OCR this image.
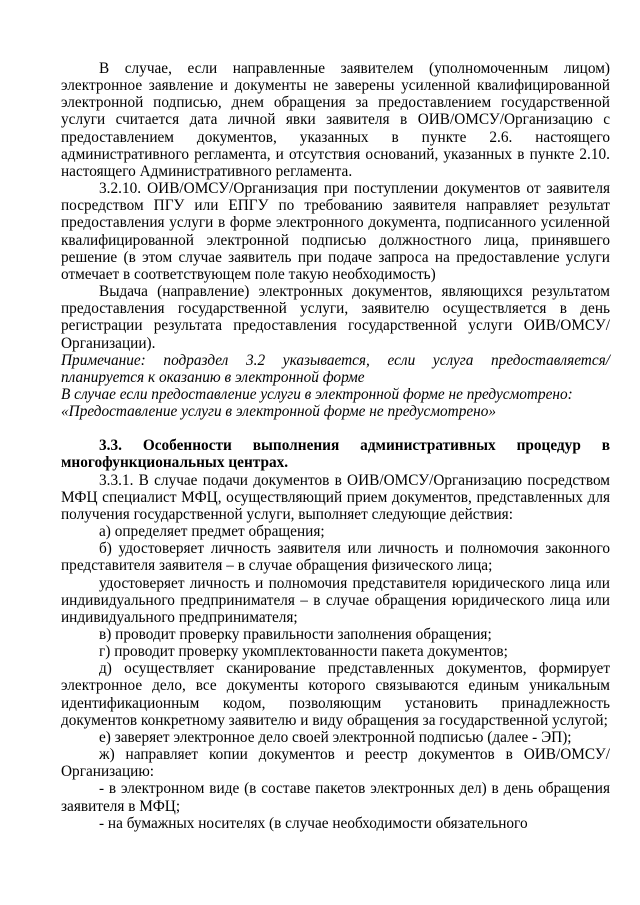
В случае, если направленные заявителем (уполномоченным лицом) электронное заявление и документы не заверены усиленной квалифицированной электронной подписью, днем обращения за предоставлением государственной услуги считается дата личной явки заявителя в ОИВ/ОМСУ/Организацию с предоставлением документов, указанных в пункте 2.6. настоящего административного регламента, и отсутствия оснований, указанных в пункте 2.10. настоящего Административного регламента.

3.2.10. ОИВ/ОМСУ/Организация при поступлении документов от заявителя посредством ПГУ или ЕПГУ по требованию заявителя направляет результат предоставления услуги в форме электронного документа, подписанного усиленной квалифицированной электронной подписью должностного лица, принявшего решение (в этом случае заявитель при подаче запроса на предоставление услуги отмечает в соответствующем поле такую необходимость)

Выдача (направление) электронных документов, являющихся результатом предоставления государственной услуги, заявителю осуществляется в день регистрации результата предоставления государственной услуги ОИВ/ОМСУ/Организации).

Примечание: подраздел 3.2 указывается, если услуга предоставляется/ планируется к оказанию в электронной форме

В случае если предоставление услуги в электронной форме не предусмотрено:

«Предоставление услуги в электронной форме не предусмотрено»

3.3. Особенности выполнения административных процедур в многофункциональных центрах.

3.3.1. В случае подачи документов в ОИВ/ОМСУ/Организацию посредством МФЦ специалист МФЦ, осуществляющий прием документов, представленных для получения государственной услуги, выполняет следующие действия:

а) определяет предмет обращения;

б) удостоверяет личность заявителя или личность и полномочия законного представителя заявителя – в случае обращения физического лица;

удостоверяет личность и полномочия представителя юридического лица или индивидуального предпринимателя – в случае обращения юридического лица или индивидуального предпринимателя;

в) проводит проверку правильности заполнения обращения;

г) проводит проверку укомплектованности пакета документов;

д) осуществляет сканирование представленных документов, формирует электронное дело, все документы которого связываются единым уникальным идентификационным кодом, позволяющим установить принадлежность документов конкретному заявителю и виду обращения за государственной услугой;

е) заверяет электронное дело своей электронной подписью (далее - ЭП);

ж) направляет копии документов и реестр документов в ОИВ/ОМСУ/Организацию:

- в электронном виде (в составе пакетов электронных дел) в день обращения заявителя в МФЦ;

- на бумажных носителях (в случае необходимости обязательного
